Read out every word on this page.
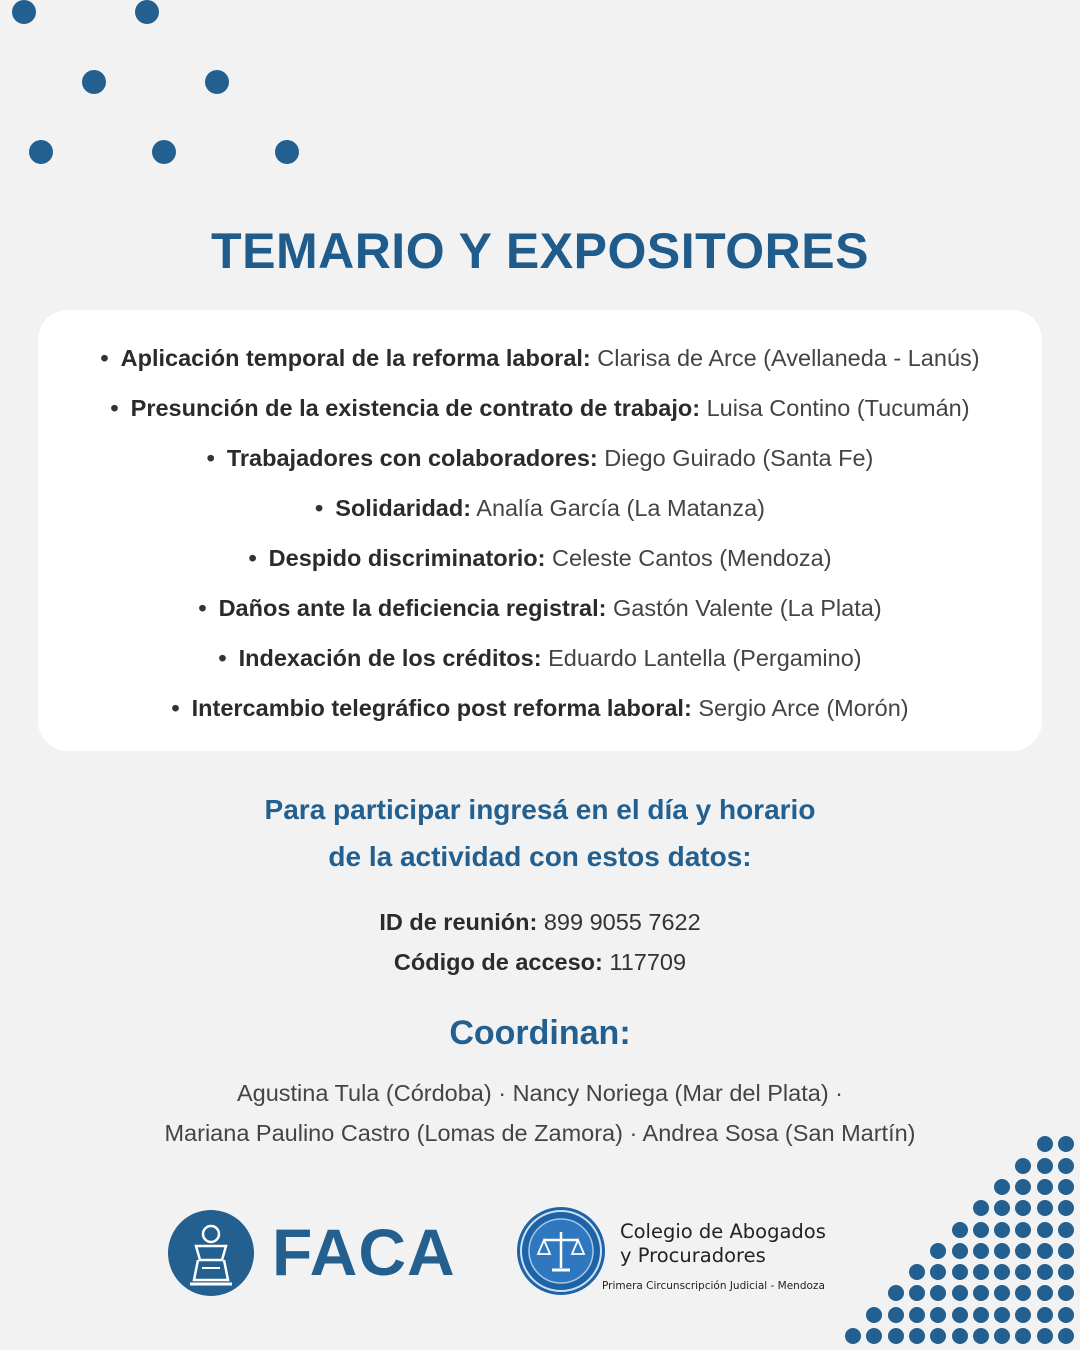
TEMARIO Y EXPOSITORES
• Aplicación temporal de la reforma laboral: Clarisa de Arce (Avellaneda - Lanús)
• Presunción de la existencia de contrato de trabajo: Luisa Contino (Tucumán)
• Trabajadores con colaboradores: Diego Guirado (Santa Fe)
• Solidaridad: Analía García (La Matanza)
• Despido discriminatorio: Celeste Cantos (Mendoza)
• Daños ante la deficiencia registral: Gastón Valente (La Plata)
• Indexación de los créditos: Eduardo Lantella (Pergamino)
• Intercambio telegráfico post reforma laboral: Sergio Arce (Morón)
Para participar ingresá en el día y horario
de la actividad con estos datos:
ID de reunión: 899 9055 7622
Código de acceso: 117709
Coordinan:
Agustina Tula (Córdoba) · Nancy Noriega (Mar del Plata) ·
Mariana Paulino Castro (Lomas de Zamora) · Andrea Sosa (San Martín)
FACA	Colegio de Abogados
y Procuradores
Primera Circunscripción Judicial - Mendoza
